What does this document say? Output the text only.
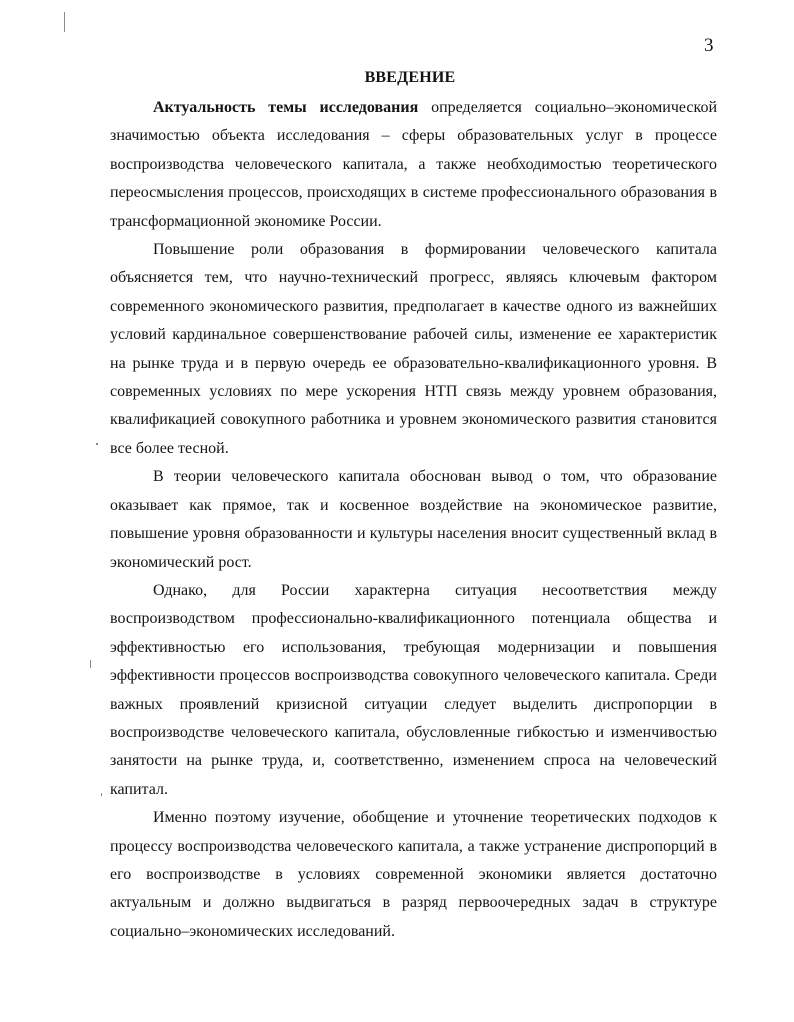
3
ВВЕДЕНИЕ

Актуальность темы исследования определяется социально–экономической значимостью объекта исследования – сферы образовательных услуг в процессе воспроизводства человеческого капитала, а также необходимостью теоретического переосмысления процессов, происходящих в системе профессионального образования в трансформационной экономике России.

Повышение роли образования в формировании человеческого капитала объясняется тем, что научно-технический прогресс, являясь ключевым фактором современного экономического развития, предполагает в качестве одного из важнейших условий кардинальное совершенствование рабочей силы, изменение ее характеристик на рынке труда и в первую очередь ее образовательно-квалификационного уровня. В современных условиях по мере ускорения НТП связь между уровнем образования, квалификацией совокупного работника и уровнем экономического развития становится все более тесной.

В теории человеческого капитала обоснован вывод о том, что образование оказывает как прямое, так и косвенное воздействие на экономическое развитие, повышение уровня образованности и культуры населения вносит существенный вклад в экономический рост.

Однако, для России характерна ситуация несоответствия между воспроизводством профессионально-квалификационного потенциала общества и эффективностью его использования, требующая модернизации и повышения эффективности процессов воспроизводства совокупного человеческого капитала. Среди важных проявлений кризисной ситуации следует выделить диспропорции в воспроизводстве человеческого капитала, обусловленные гибкостью и изменчивостью занятости на рынке труда, и, соответственно, изменением спроса на человеческий капитал.

Именно поэтому изучение, обобщение и уточнение теоретических подходов к процессу воспроизводства человеческого капитала, а также устранение диспропорций в его воспроизводстве в условиях современной экономики является достаточно актуальным и должно выдвигаться в разряд первоочередных задач в структуре социально–экономических исследований.
